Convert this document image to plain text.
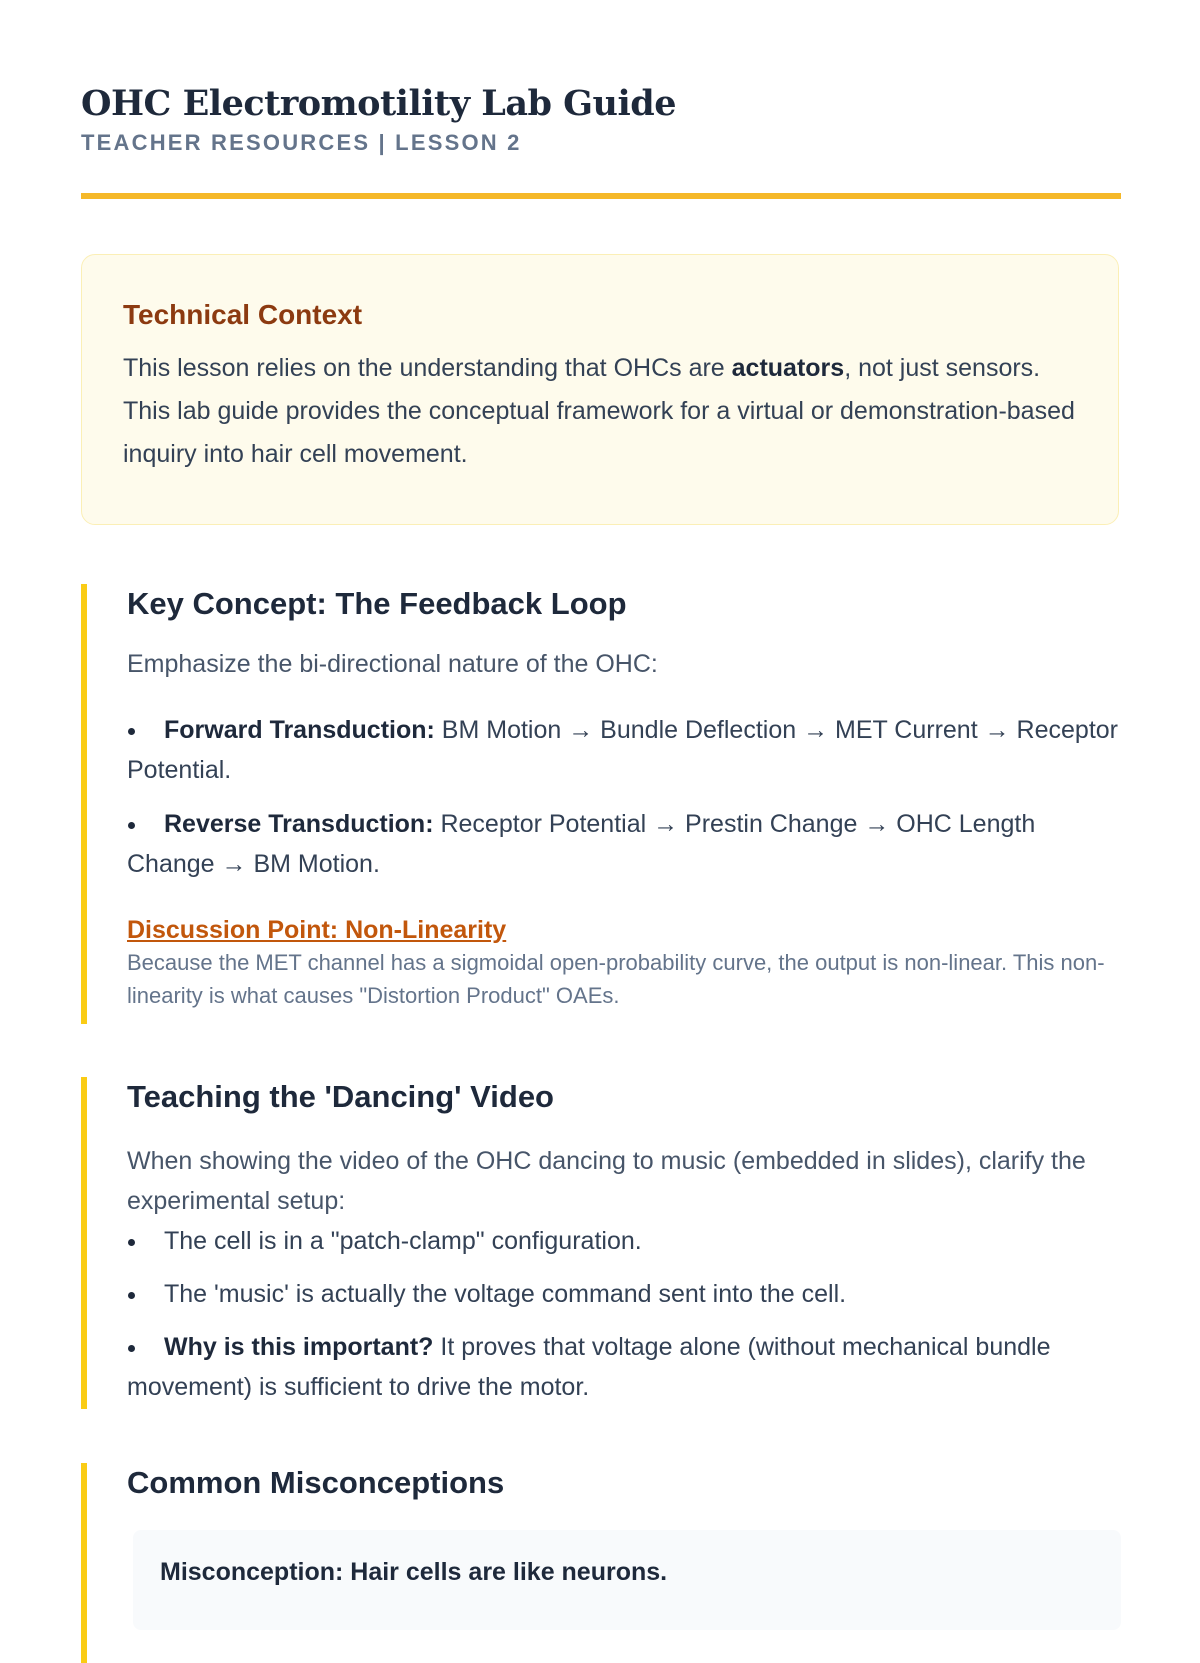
OHC Electromotility Lab Guide
TEACHER RESOURCES | LESSON 2
Technical Context

This lesson relies on the understanding that OHCs are actuators, not just sensors. This lab guide provides the conceptual framework for a virtual or demonstration-based inquiry into hair cell movement.

Key Concept: The Feedback Loop

Emphasize the bi-directional nature of the OHC:

Forward Transduction: BM Motion → Bundle Deflection → MET Current → Receptor Potential.
Reverse Transduction: Receptor Potential → Prestin Change → OHC Length Change → BM Motion.
Discussion Point: Non-Linearity

Because the MET channel has a sigmoidal open-probability curve, the output is non-linear. This non-linearity is what causes "Distortion Product" OAEs.

Teaching the 'Dancing' Video

When showing the video of the OHC dancing to music (embedded in slides), clarify the experimental setup:

The cell is in a "patch-clamp" configuration.
The 'music' is actually the voltage command sent into the cell.
Why is this important? It proves that voltage alone (without mechanical bundle movement) is sufficient to drive the motor.
Common Misconceptions
Misconception: Hair cells are like neurons.
